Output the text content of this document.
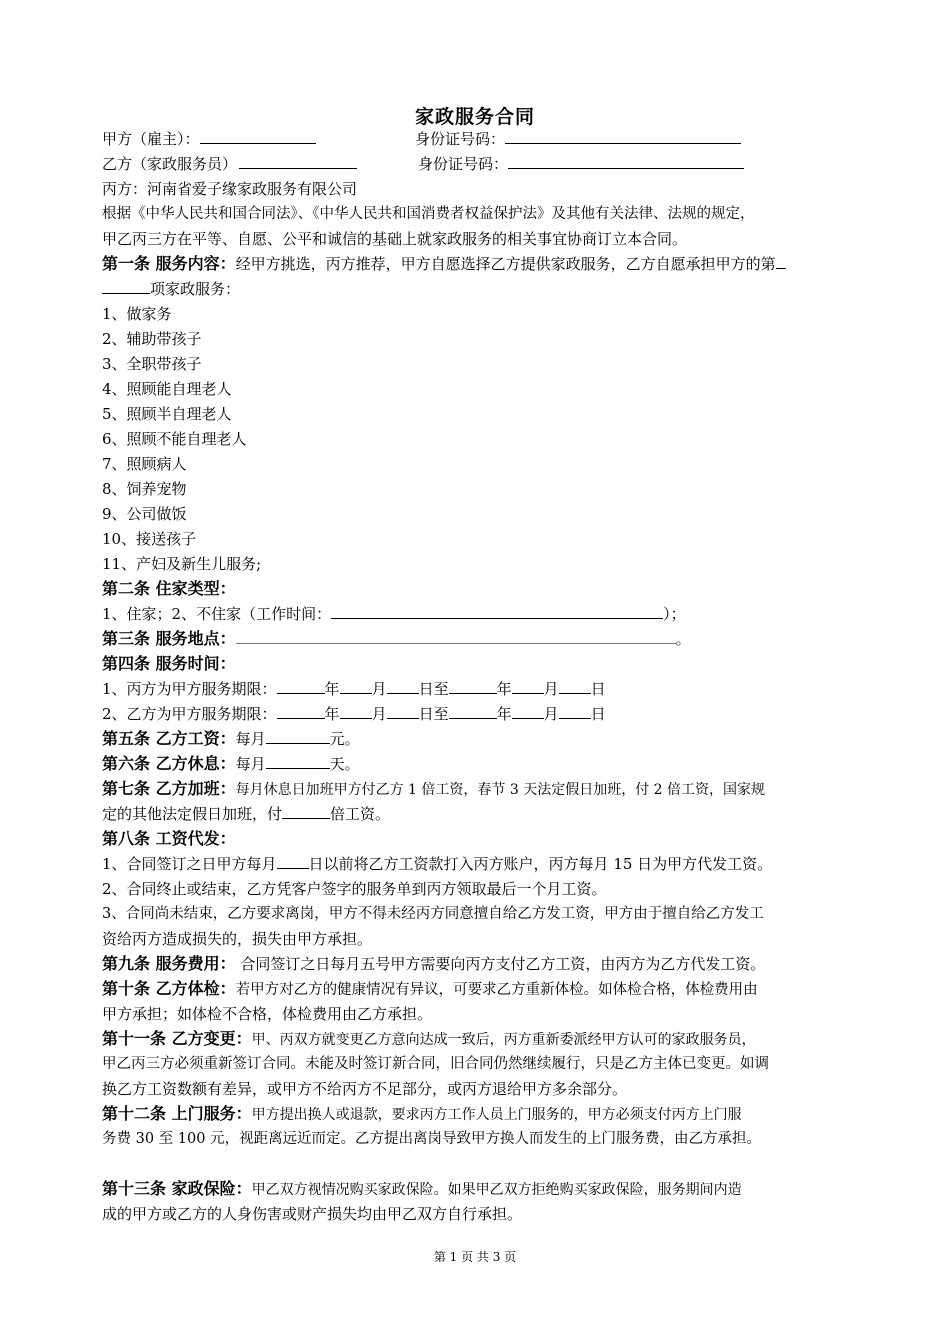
家政服务合同
甲方（雇主）：	身份证号码：
乙方（家政服务员）	身份证号码：
丙方：河南省爱子缘家政服务有限公司
根据《中华人民共和国合同法》、《中华人民共和国消费者权益保护法》及其他有关法律、法规的规定，
甲乙丙三方在平等、自愿、公平和诚信的基础上就家政服务的相关事宜协商订立本合同。
第一条 服务内容：经甲方挑选，丙方推荐，甲方自愿选择乙方提供家政服务，乙方自愿承担甲方的第
项家政服务：
1、做家务
2、辅助带孩子
3、全职带孩子
4、照顾能自理老人
5、照顾半自理老人
6、照顾不能自理老人
7、照顾病人
8、饲养宠物
9、公司做饭
10、接送孩子
11、产妇及新生儿服务;
第二条 住家类型：
1、住家；2、不住家（工作时间：	）；
第三条 服务地点：	。
第四条 服务时间：
1、丙方为甲方服务期限：	年 月 日至	年 月 日
2、乙方为甲方服务期限：	年 月 日至	年 月 日
第五条 乙方工资：每月	元。
第六条 乙方休息：每月	天。
第七条 乙方加班：每月休息日加班甲方付乙方 1 倍工资，春节 3 天法定假日加班，付 2 倍工资，国家规
定的其他法定假日加班，付	倍工资。
第八条 工资代发：
1、合同签订之日甲方每月 日以前将乙方工资款打入丙方账户，丙方每月 15 日为甲方代发工资。
2、合同终止或结束，乙方凭客户签字的服务单到丙方领取最后一个月工资。
3、合同尚未结束，乙方要求离岗，甲方不得未经丙方同意擅自给乙方发工资，甲方由于擅自给乙方发工
资给丙方造成损失的，损失由甲方承担。
第九条 服务费用： 合同签订之日每月五号甲方需要向丙方支付乙方工资，由丙方为乙方代发工资。
第十条 乙方体检：若甲方对乙方的健康情况有异议，可要求乙方重新体检。如体检合格，体检费用由
甲方承担；如体检不合格，体检费用由乙方承担。
第十一条 乙方变更：甲、丙双方就变更乙方意向达成一致后，丙方重新委派经甲方认可的家政服务员，
甲乙丙三方必须重新签订合同。未能及时签订新合同，旧合同仍然继续履行，只是乙方主体已变更。如调
换乙方工资数额有差异，或甲方不给丙方不足部分，或丙方退给甲方多余部分。
第十二条 上门服务：甲方提出换人或退款，要求丙方工作人员上门服务的，甲方必须支付丙方上门服
务费 30 至 100 元，视距离远近而定。乙方提出离岗导致甲方换人而发生的上门服务费，由乙方承担。
第十三条 家政保险：甲乙双方视情况购买家政保险。如果甲乙双方拒绝购买家政保险，服务期间内造
成的甲方或乙方的人身伤害或财产损失均由甲乙双方自行承担。
第 1 页 共 3 页
